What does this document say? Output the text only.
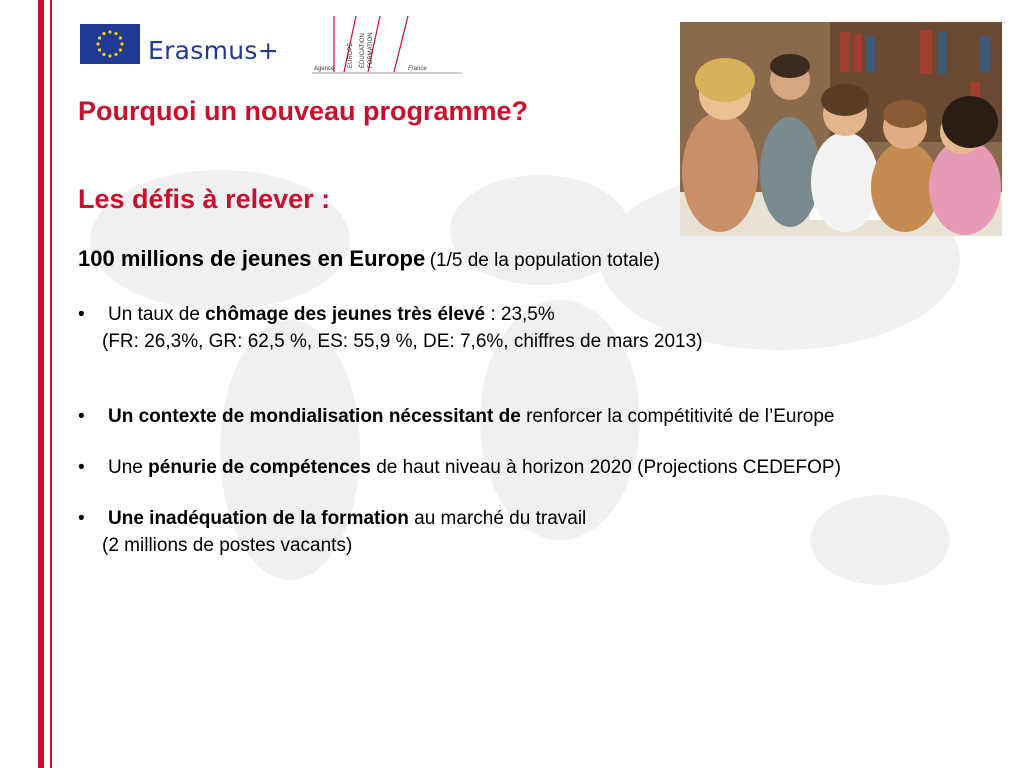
Erasmus+
Agence
EUROPE ÉDUCATION FORMATION
France
Pourquoi un nouveau programme?
Les défis à relever :
100 millions de jeunes en Europe (1/5 de la population totale)
• Un taux de chômage des jeunes très élevé : 23,5%
(FR: 26,3%, GR: 62,5 %, ES: 55,9 %, DE: 7,6%, chiffres de mars 2013)
• Un contexte de mondialisation nécessitant de renforcer la compétitivité de l’Europe
• Une pénurie de compétences de haut niveau à horizon 2020 (Projections CEDEFOP)
• Une inadéquation de la formation au marché du travail
(2 millions de postes vacants)
